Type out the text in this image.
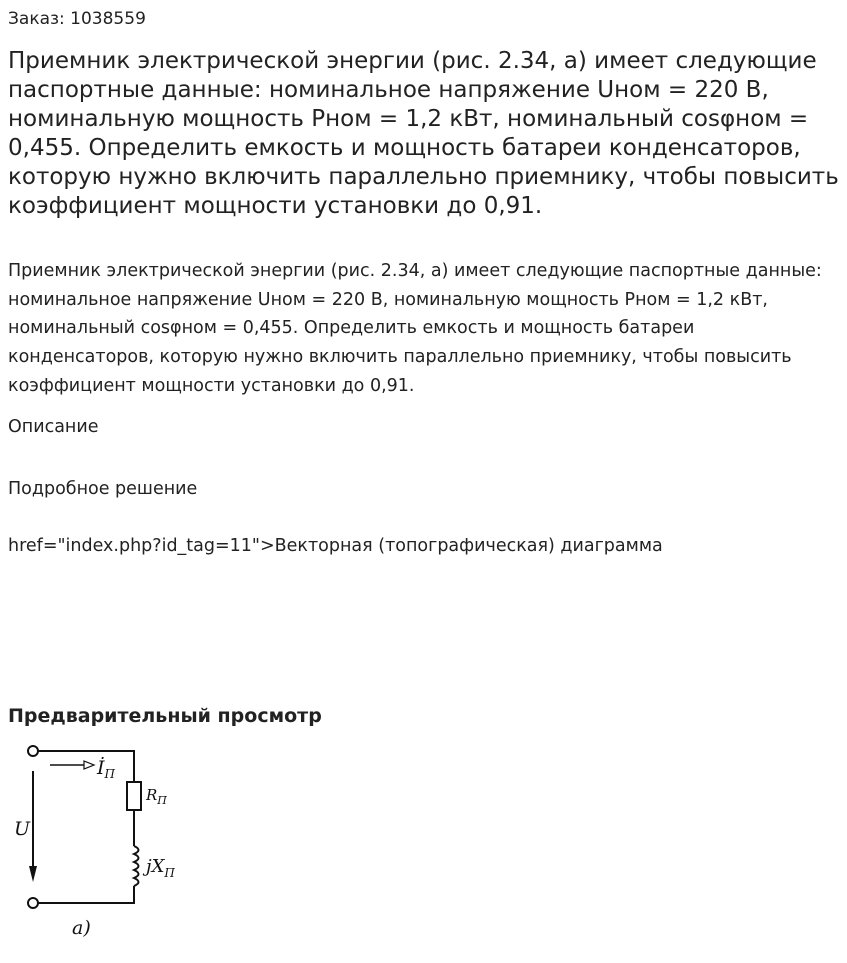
Заказ: 1038559
Приемник электрической энергии (рис. 2.34, а) имеет следующие паспортные данные: номинальное напряжение Uном = 220 В, номинальную мощность Рном = 1,2 кВт, номинальный cosφном = 0,455. Определить емкость и мощность батареи конденсаторов, которую нужно включить параллельно приемнику, чтобы повысить коэффициент мощности установки до 0,91.

Приемник электрической энергии (рис. 2.34, а) имеет следующие паспортные данные: номинальное напряжение Uном = 220 В, номинальную мощность Рном = 1,2 кВт, номинальный cosφном = 0,455. Определить емкость и мощность батареи конденсаторов, которую нужно включить параллельно приемнику, чтобы повысить коэффициент мощности установки до 0,91.

Описание
Подробное решение
href="index.php?id_tag=11">Векторная (топографическая) диаграмма
Предварительный просмотр
$İ_П$
$R_П$
U
$jX_П$
а)
